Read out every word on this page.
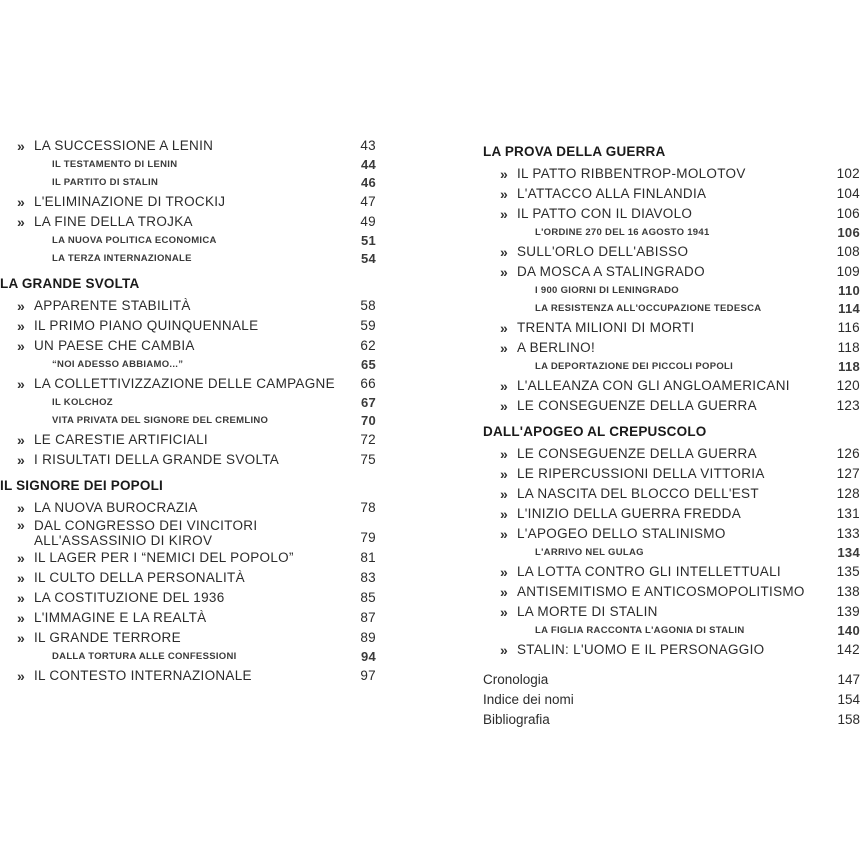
» LA SUCCESSIONE A LENIN	43
IL TESTAMENTO DI LENIN	44
IL PARTITO DI STALIN	46
» L'ELIMINAZIONE DI TROCKIJ	47
» LA FINE DELLA TROJKA	49
LA NUOVA POLITICA ECONOMICA	51
LA TERZA INTERNAZIONALE	54
LA GRANDE SVOLTA
» APPARENTE STABILITÀ	58
» IL PRIMO PIANO QUINQUENNALE	59
» UN PAESE CHE CAMBIA	62
“NOI ADESSO ABBIAMO...”	65
» LA COLLETTIVIZZAZIONE DELLE CAMPAGNE 66
IL KOLCHOZ	67
VITA PRIVATA DEL SIGNORE DEL CREMLINO	70
» LE CARESTIE ARTIFICIALI	72
» I RISULTATI DELLA GRANDE SVOLTA	75
IL SIGNORE DEI POPOLI
» LA NUOVA BUROCRAZIA	78
» DAL CONGRESSO DEI VINCITORI ALL'ASSASSINIO DI KIROV	79
» IL LAGER PER I “NEMICI DEL POPOLO”	81
» IL CULTO DELLA PERSONALITÀ	83
» LA COSTITUZIONE DEL 1936	85
» L'IMMAGINE E LA REALTÀ	87
» IL GRANDE TERRORE	89
DALLA TORTURA ALLE CONFESSIONI	94
» IL CONTESTO INTERNAZIONALE	97
LA PROVA DELLA GUERRA
» IL PATTO RIBBENTROP-MOLOTOV	102
» L'ATTACCO ALLA FINLANDIA	104
» IL PATTO CON IL DIAVOLO	106
L'ORDINE 270 DEL 16 AGOSTO 1941	106
» SULL'ORLO DELL'ABISSO	108
» DA MOSCA A STALINGRADO	109
I 900 GIORNI DI LENINGRADO	110
LA RESISTENZA ALL'OCCUPAZIONE TEDESCA	114
» TRENTA MILIONI DI MORTI	116
» A BERLINO!	118
LA DEPORTAZIONE DEI PICCOLI POPOLI	118
» L'ALLEANZA CON GLI ANGLOAMERICANI	120
» LE CONSEGUENZE DELLA GUERRA	123
DALL'APOGEO AL CREPUSCOLO
» LE CONSEGUENZE DELLA GUERRA	126
» LE RIPERCUSSIONI DELLA VITTORIA	127
» LA NASCITA DEL BLOCCO DELL'EST	128
» L'INIZIO DELLA GUERRA FREDDA	131
» L'APOGEO DELLO STALINISMO	133
L'ARRIVO NEL GULAG	134
» LA LOTTA CONTRO GLI INTELLETTUALI	135
» ANTISEMITISMO E ANTICOSMOPOLITISMO 138
» LA MORTE DI STALIN	139
LA FIGLIA RACCONTA L'AGONIA DI STALIN	140
» STALIN: L'UOMO E IL PERSONAGGIO	142
Cronologia	147
Indice dei nomi	154
Bibliografia	158
